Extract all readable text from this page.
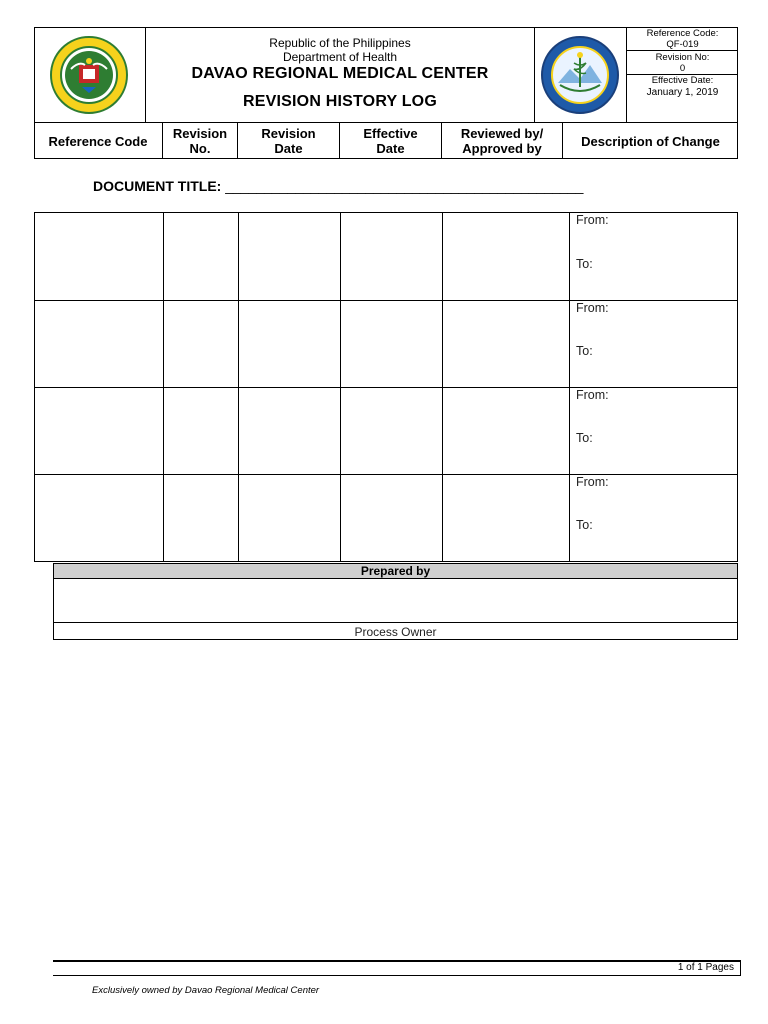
Republic of the Philippines
Department of Health
DAVAO REGIONAL MEDICAL CENTER
REVISION HISTORY LOG
Reference Code:
QF-019
Revision No:
0
Effective Date:
January 1, 2019
Reference Code Revision
No.
Revision
Date
Effective
Date
Reviewed by/
Approved by	Description of Change
DOCUMENT TITLE: ______________________________________________
From:
To:
From:
To:
From:
To:
From:
To:
Prepared by
Process Owner
1 of 1 Pages
Exclusively owned by Davao Regional Medical Center
